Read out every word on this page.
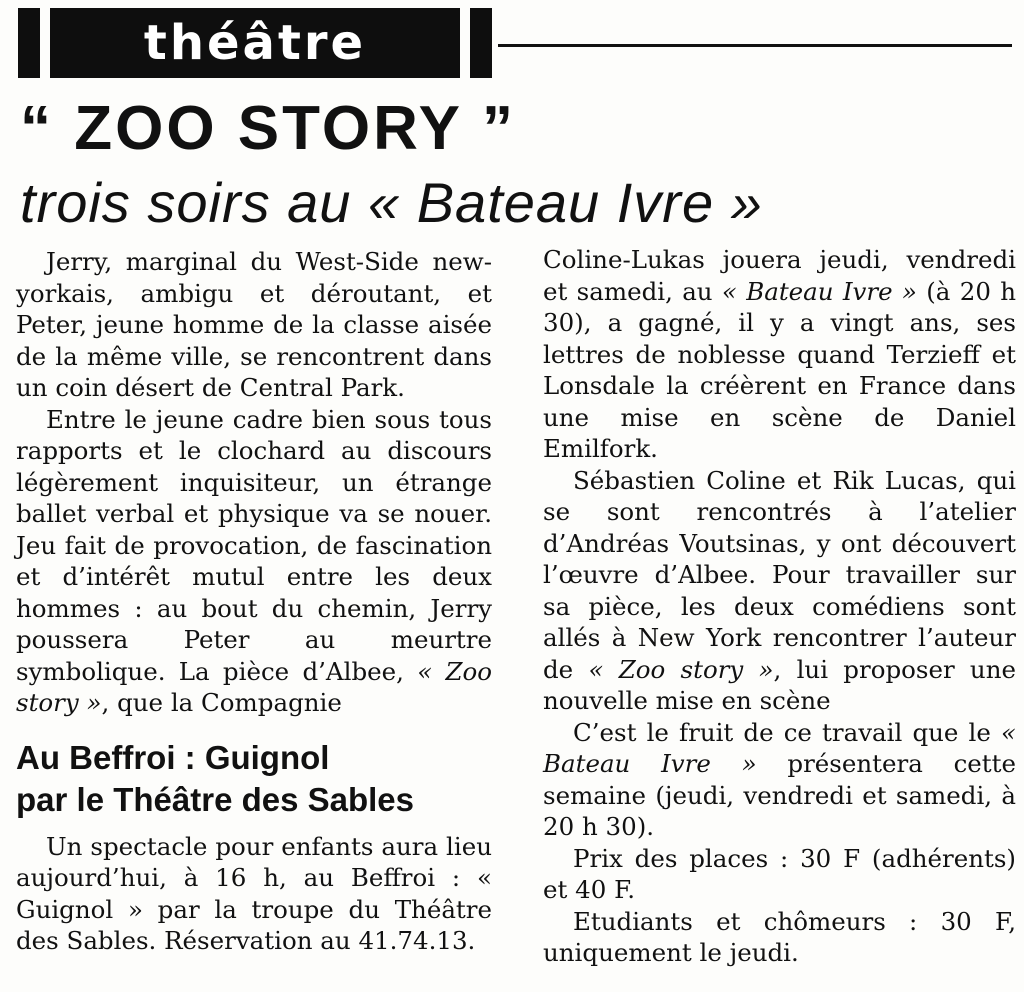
théâtre
“ ZOO STORY ”
trois soirs au « Bateau Ivre »

Jerry, marginal du West-Side new-yorkais, ambigu et déroutant, et Peter, jeune homme de la classe aisée de la même ville, se rencontrent dans un coin désert de Central Park.

Entre le jeune cadre bien sous tous rapports et le clochard au discours légèrement inquisiteur, un étrange ballet verbal et physique va se nouer. Jeu fait de provocation, de fascination et d’intérêt mutul entre les deux hommes : au bout du chemin, Jerry poussera Peter au meurtre symbolique. La pièce d’Albee, « Zoo story », que la Compagnie

Au Beffroi : Guignol
par le Théâtre des Sables

Un spectacle pour enfants aura lieu aujourd’hui, à 16 h, au Beffroi : « Guignol » par la troupe du Théâtre des Sables. Réservation au 41.74.13.

Coline-Lukas jouera jeudi, vendredi et samedi, au « Bateau Ivre » (à 20 h 30), a gagné, il y a vingt ans, ses lettres de noblesse quand Terzieff et Lonsdale la créèrent en France dans une mise en scène de Daniel Emilfork.

Sébastien Coline et Rik Lucas, qui se sont rencontrés à l’atelier d’Andréas Voutsinas, y ont découvert l’œuvre d’Albee. Pour travailler sur sa pièce, les deux comédiens sont allés à New York rencontrer l’auteur de « Zoo story », lui proposer une nouvelle mise en scène

C’est le fruit de ce travail que le « Bateau Ivre » présentera cette semaine (jeudi, vendredi et samedi, à 20 h 30).

Prix des places : 30 F (adhérents) et 40 F.

Etudiants et chômeurs : 30 F, uniquement le jeudi.
